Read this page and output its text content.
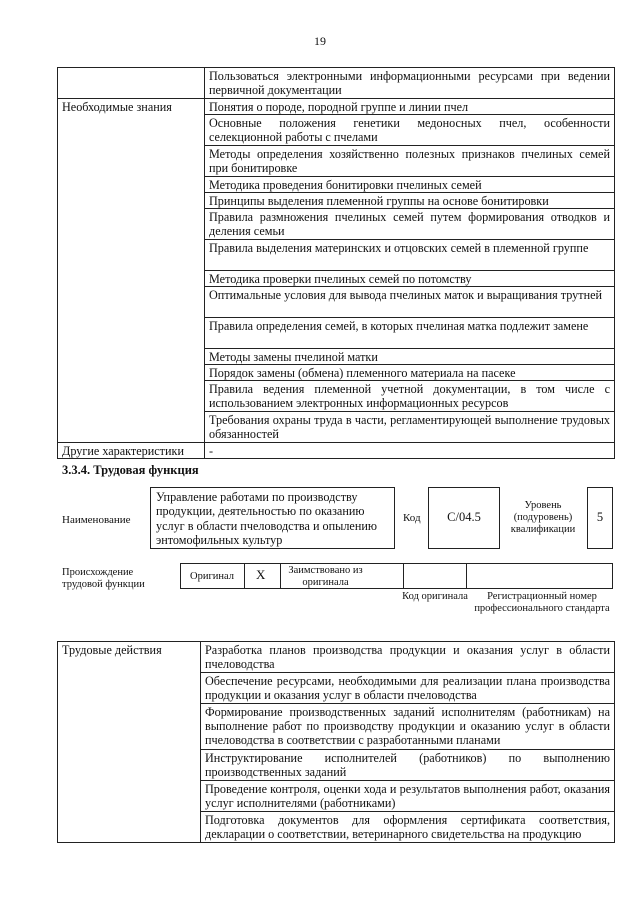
19
	Пользоваться электронными информационными ресурсами при ведении первичной документации
Необходимые знания	Понятия о породе, породной группе и линии пчел
	Основные положения генетики медоносных пчел, особенности селекционной работы с пчелами
	Методы определения хозяйственно полезных признаков пчелиных семей при бонитировке
	Методика проведения бонитировки пчелиных семей
	Принципы выделения племенной группы на основе бонитировки
	Правила размножения пчелиных семей путем формирования отводков и деления семьи
	Правила выделения материнских и отцовских семей в племенной группе
	Методика проверки пчелиных семей по потомству
	Оптимальные условия для вывода пчелиных маток и выращивания трутней
	Правила определения семей, в которых пчелиная матка подлежит замене
	Методы замены пчелиной матки
	Порядок замены (обмена) племенного материала на пасеке
	Правила ведения племенной учетной документации, в том числе с использованием электронных информационных ресурсов
	Требования охраны труда в части, регламентирующей выполнение трудовых обязанностей
Другие характеристики	-
3.3.4. Трудовая функция
Наименование
Управление работами по производству продукции, деятельностью по оказанию услуг в области пчеловодства и опылению энтомофильных культур
Код	С/04.5
Уровень (подуровень) квалификации
5
Происхождение трудовой функции
Оригинал X	Заимствовано из оригинала
Код оригинала	Регистрационный номер профессионального стандарта
Трудовые действия	Разработка планов производства продукции и оказания услуг в области пчеловодства
Обеспечение ресурсами, необходимыми для реализации плана производства продукции и оказания услуг в области пчеловодства
Формирование производственных заданий исполнителям (работникам) на выполнение работ по производству продукции и оказанию услуг в области пчеловодства в соответствии с разработанными планами
Инструктирование исполнителей (работников) по выполнению производственных заданий
Проведение контроля, оценки хода и результатов выполнения работ, оказания услуг исполнителями (работниками)
Подготовка документов для оформления сертификата соответствия, декларации о соответствии, ветеринарного свидетельства на продукцию
